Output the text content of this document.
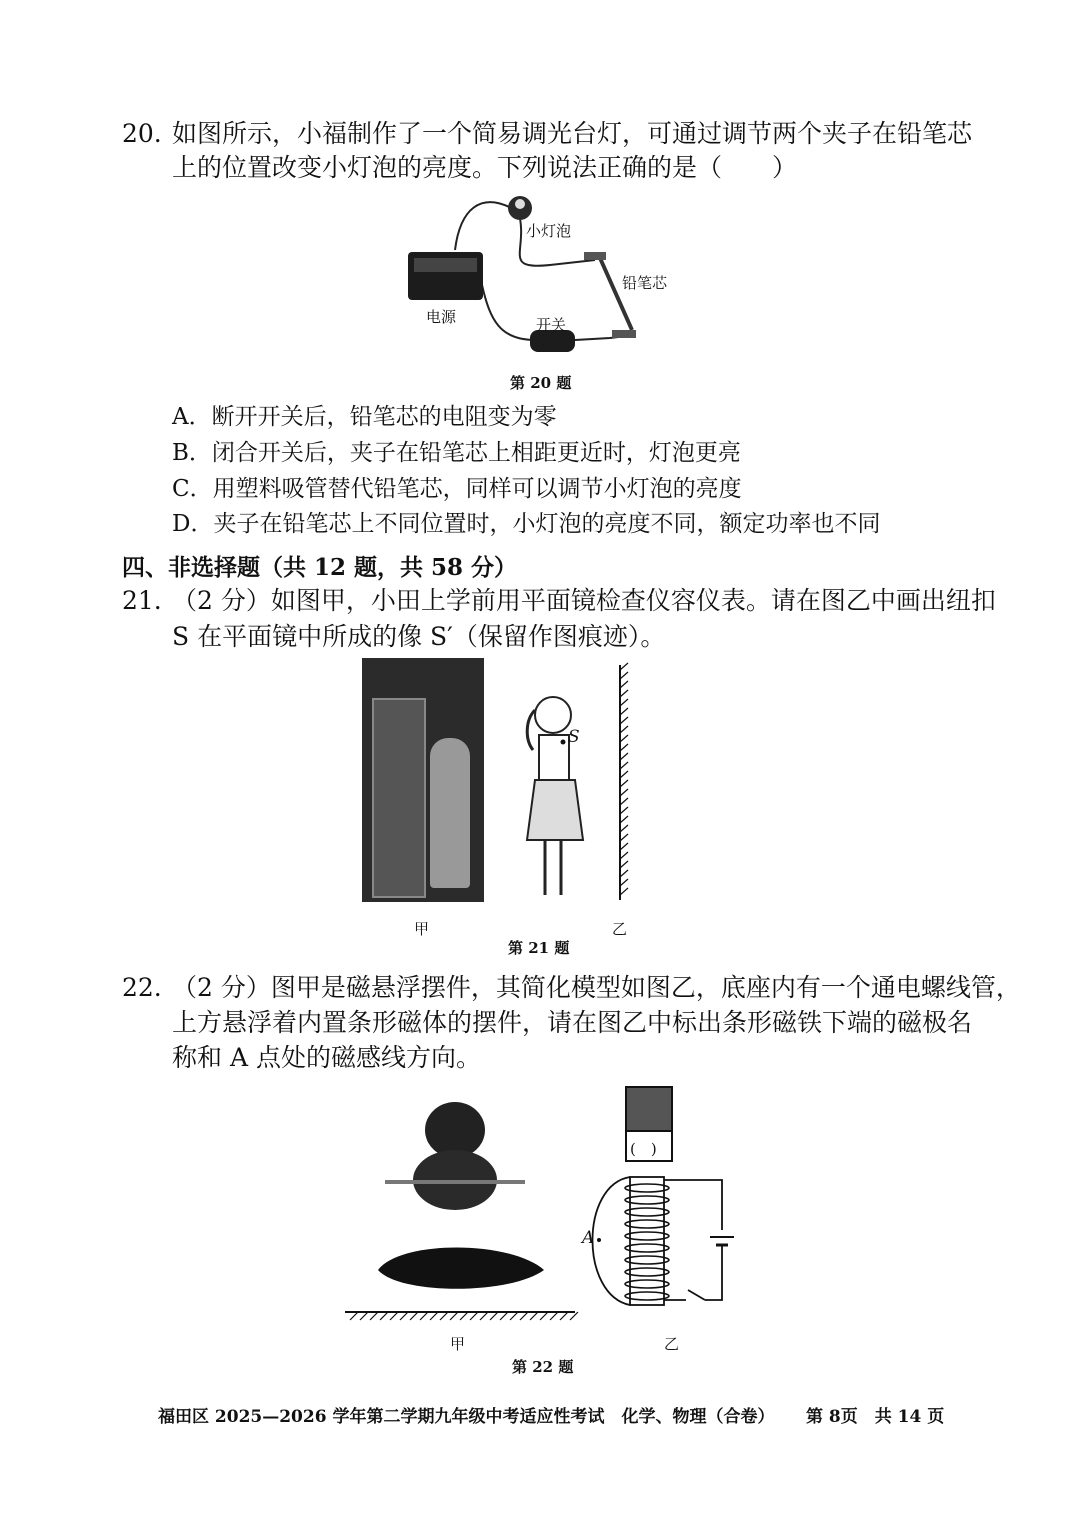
20. 如图所示，小福制作了一个简易调光台灯，可通过调节两个夹子在铅笔芯
上的位置改变小灯泡的亮度。下列说法正确的是（　　）
小灯泡
铅笔芯
电源	开关
第 20 题
A．断开开关后，铅笔芯的电阻变为零
B．闭合开关后，夹子在铅笔芯上相距更近时，灯泡更亮
C．用塑料吸管替代铅笔芯，同样可以调节小灯泡的亮度
D．夹子在铅笔芯上不同位置时，小灯泡的亮度不同，额定功率也不同
四、非选择题（共 12 题，共 58 分）
21. （2 分）如图甲，小田上学前用平面镜检查仪容仪表。请在图乙中画出纽扣
S 在平面镜中所成的像 S′（保留作图痕迹）。
S
甲	乙
第 21 题
22. （2 分）图甲是磁悬浮摆件，其简化模型如图乙，底座内有一个通电螺线管，
上方悬浮着内置条形磁体的摆件，请在图乙中标出条形磁铁下端的磁极名
称和 A 点处的磁感线方向。
(　)
A
甲	乙
第 22 题
福田区 2025—2026 学年第二学期九年级中考适应性考试　化学、物理（合卷） 第 8页　共 14 页
